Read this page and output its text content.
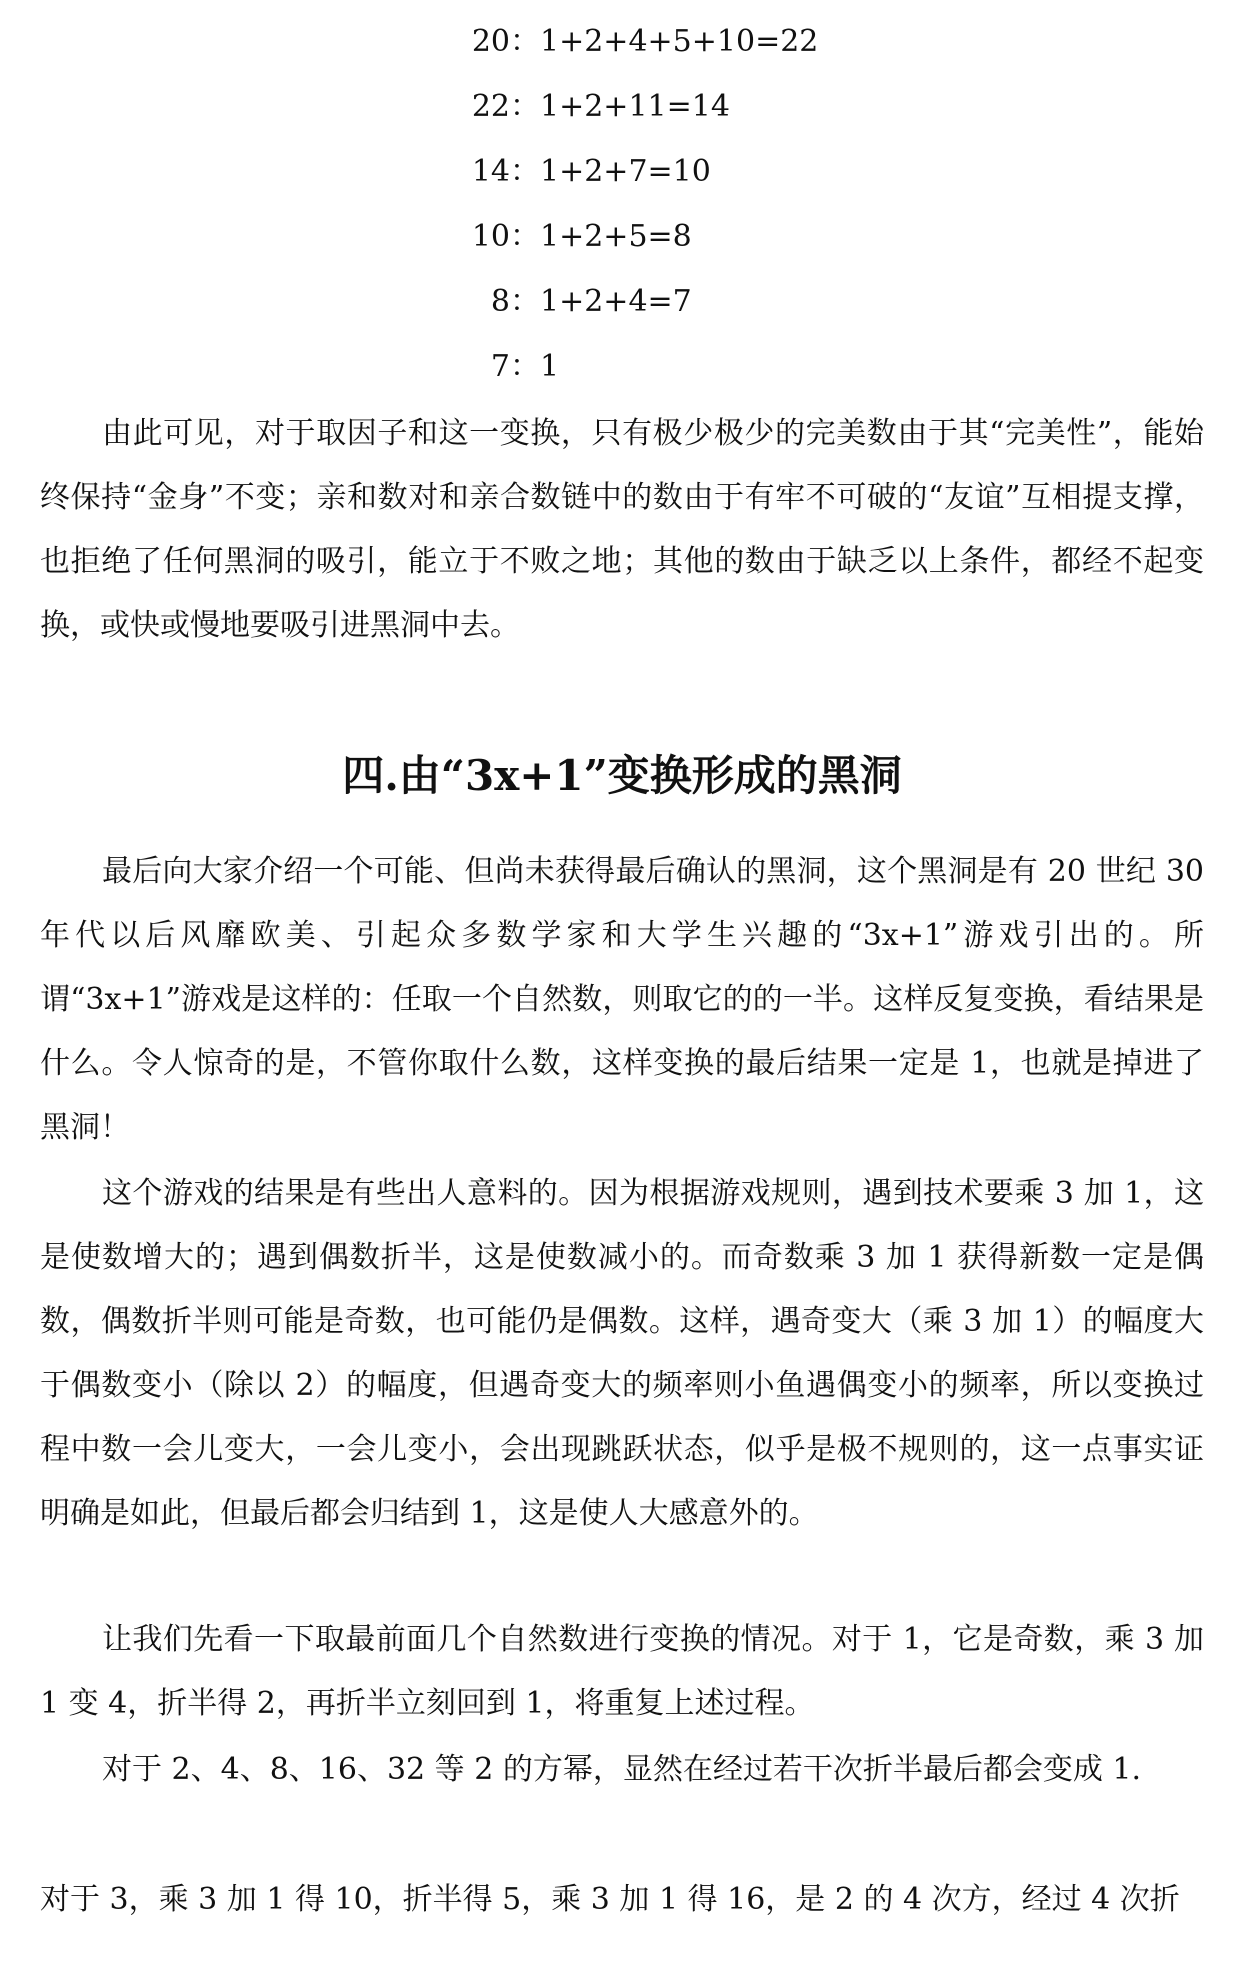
20： 1+2+4+5+10=22
22： 1+2+11=14
14： 1+2+7=10
10： 1+2+5=8
8： 1+2+4=7
7： 1

由此可见，对于取因子和这一变换，只有极少极少的完美数由于其“完美性”，能始终保持“金身”不变；亲和数对和亲合数链中的数由于有牢不可破的“友谊”互相提支撑，也拒绝了任何黑洞的吸引，能立于不败之地；其他的数由于缺乏以上条件，都经不起变换，或快或慢地要吸引进黑洞中去。

四.由“3x+1”变换形成的黑洞

最后向大家介绍一个可能、但尚未获得最后确认的黑洞，这个黑洞是有 20 世纪 30 年代以后风靡欧美、引起众多数学家和大学生兴趣的“3x+1”游戏引出的。所谓“3x+1”游戏是这样的：任取一个自然数，则取它的的一半。这样反复变换，看结果是什么。令人惊奇的是，不管你取什么数，这样变换的最后结果一定是 1，也就是掉进了黑洞！

这个游戏的结果是有些出人意料的。因为根据游戏规则，遇到技术要乘 3 加 1，这是使数增大的；遇到偶数折半，这是使数减小的。而奇数乘 3 加 1 获得新数一定是偶数，偶数折半则可能是奇数，也可能仍是偶数。这样，遇奇变大（乘 3 加 1）的幅度大于偶数变小（除以 2）的幅度，但遇奇变大的频率则小鱼遇偶变小的频率，所以变换过程中数一会儿变大，一会儿变小，会出现跳跃状态，似乎是极不规则的，这一点事实证明确是如此，但最后都会归结到 1，这是使人大感意外的。

让我们先看一下取最前面几个自然数进行变换的情况。对于 1，它是奇数，乘 3 加 1 变 4，折半得 2，再折半立刻回到 1，将重复上述过程。

对于 2、4、8、16、32 等 2 的方幂，显然在经过若干次折半最后都会变成 1.

对于 3，乘 3 加 1 得 10，折半得 5，乘 3 加 1 得 16，是 2 的 4 次方，经过 4 次折
